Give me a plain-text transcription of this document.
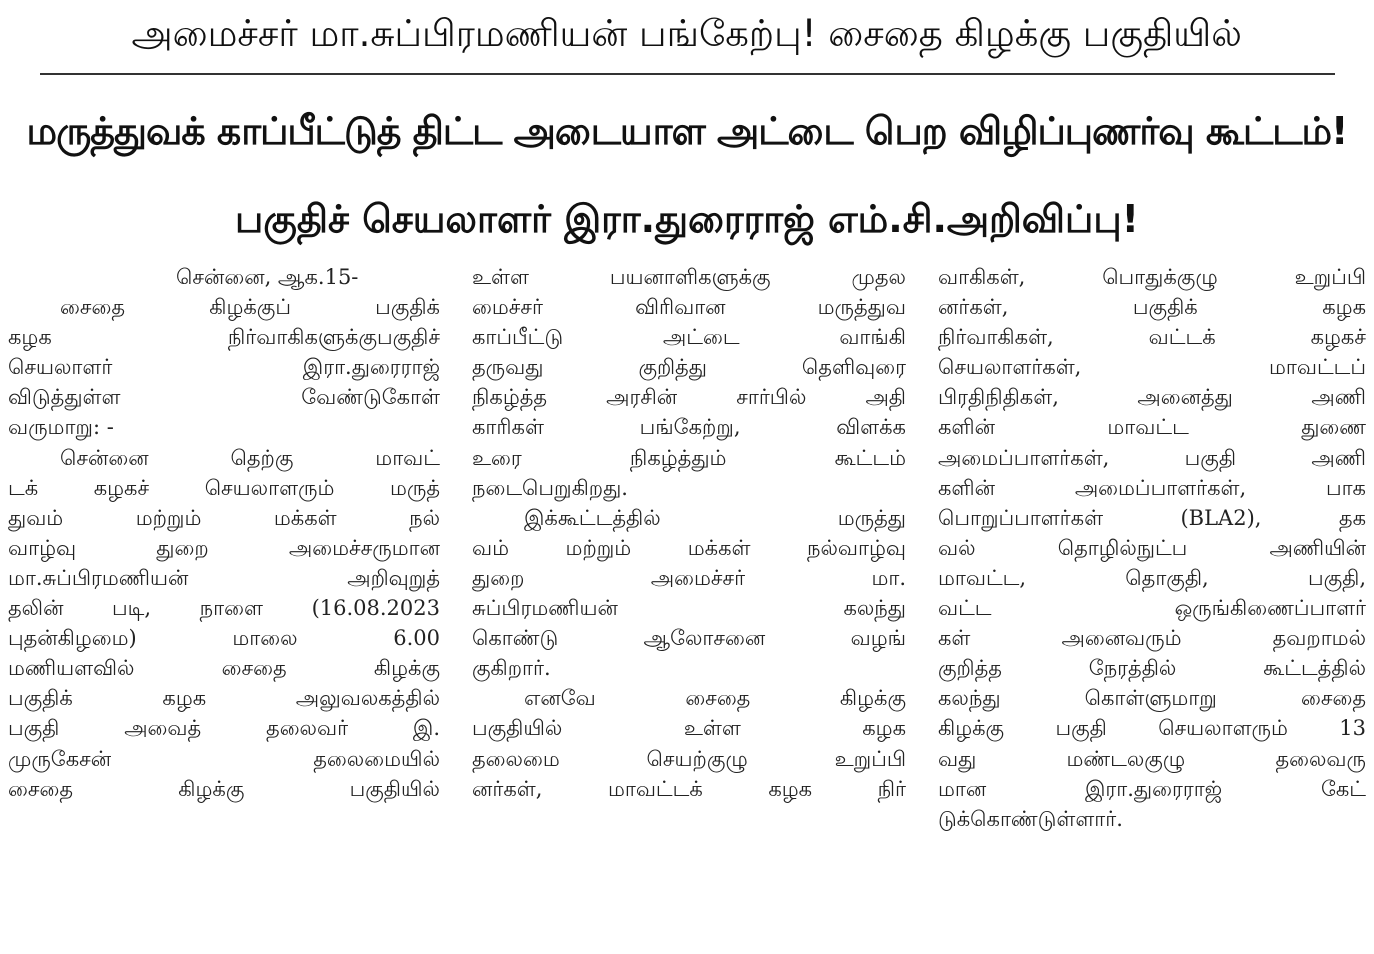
அமைச்சர் மா.சுப்பிரமணியன் பங்கேற்பு! சைதை கிழக்கு பகுதியில்
மருத்துவக் காப்பீட்டுத் திட்ட அடையாள அட்டை பெற விழிப்புணர்வு கூட்டம்!
பகுதிச் செயலாளர் இரா.துரைராஜ் எம்.சி.அறிவிப்பு!
சென்னை, ஆக.15-
சைதை கிழக்குப் பகுதிக்
கழக நிர்வாகிகளுக்குபகுதிச்
செயலாளர் இரா.துரைராஜ்
விடுத்துள்ள வேண்டுகோள்
வருமாறு: -
சென்னை தெற்கு மாவட்
டக் கழகச் செயலாளரும் மருத்
துவம் மற்றும் மக்கள் நல்
வாழ்வு துறை அமைச்சருமான
மா.சுப்பிரமணியன் அறிவுறுத்
தலின் படி, நாளை (16.08.2023
புதன்கிழமை) மாலை 6.00
மணியளவில் சைதை கிழக்கு
பகுதிக் கழக அலுவலகத்தில்
பகுதி அவைத் தலைவர் இ.
முருகேசன் தலைமையில்
சைதை கிழக்கு பகுதியில்
உள்ள பயனாளிகளுக்கு முதல
மைச்சர் விரிவான மருத்துவ
காப்பீட்டு அட்டை வாங்கி
தருவது குறித்து தெளிவுரை
நிகழ்த்த அரசின் சார்பில் அதி
காரிகள் பங்கேற்று, விளக்க
உரை நிகழ்த்தும் கூட்டம்
நடைபெறுகிறது.
இக்கூட்டத்தில் மருத்து
வம் மற்றும் மக்கள் நல்வாழ்வு
துறை அமைச்சர் மா.
சுப்பிரமணியன் கலந்து
கொண்டு ஆலோசனை வழங்
குகிறார்.
எனவே சைதை கிழக்கு
பகுதியில் உள்ள கழக
தலைமை செயற்குழு உறுப்பி
னர்கள், மாவட்டக் கழக நிர்
வாகிகள், பொதுக்குழு உறுப்பி
னர்கள், பகுதிக் கழக
நிர்வாகிகள், வட்டக் கழகச்
செயலாளர்கள், மாவட்டப்
பிரதிநிதிகள், அனைத்து அணி
களின் மாவட்ட துணை
அமைப்பாளர்கள், பகுதி அணி
களின் அமைப்பாளர்கள், பாக
பொறுப்பாளர்கள் (BLA2), தக
வல் தொழில்நுட்ப அணியின்
மாவட்ட, தொகுதி, பகுதி,
வட்ட ஒருங்கிணைப்பாளர்
கள் அனைவரும் தவறாமல்
குறித்த நேரத்தில் கூட்டத்தில்
கலந்து கொள்ளுமாறு சைதை
கிழக்கு பகுதி செயலாளரும் 13
வது மண்டலகுழு தலைவரு
மான இரா.துரைராஜ் கேட்
டுக்கொண்டுள்ளார்.
